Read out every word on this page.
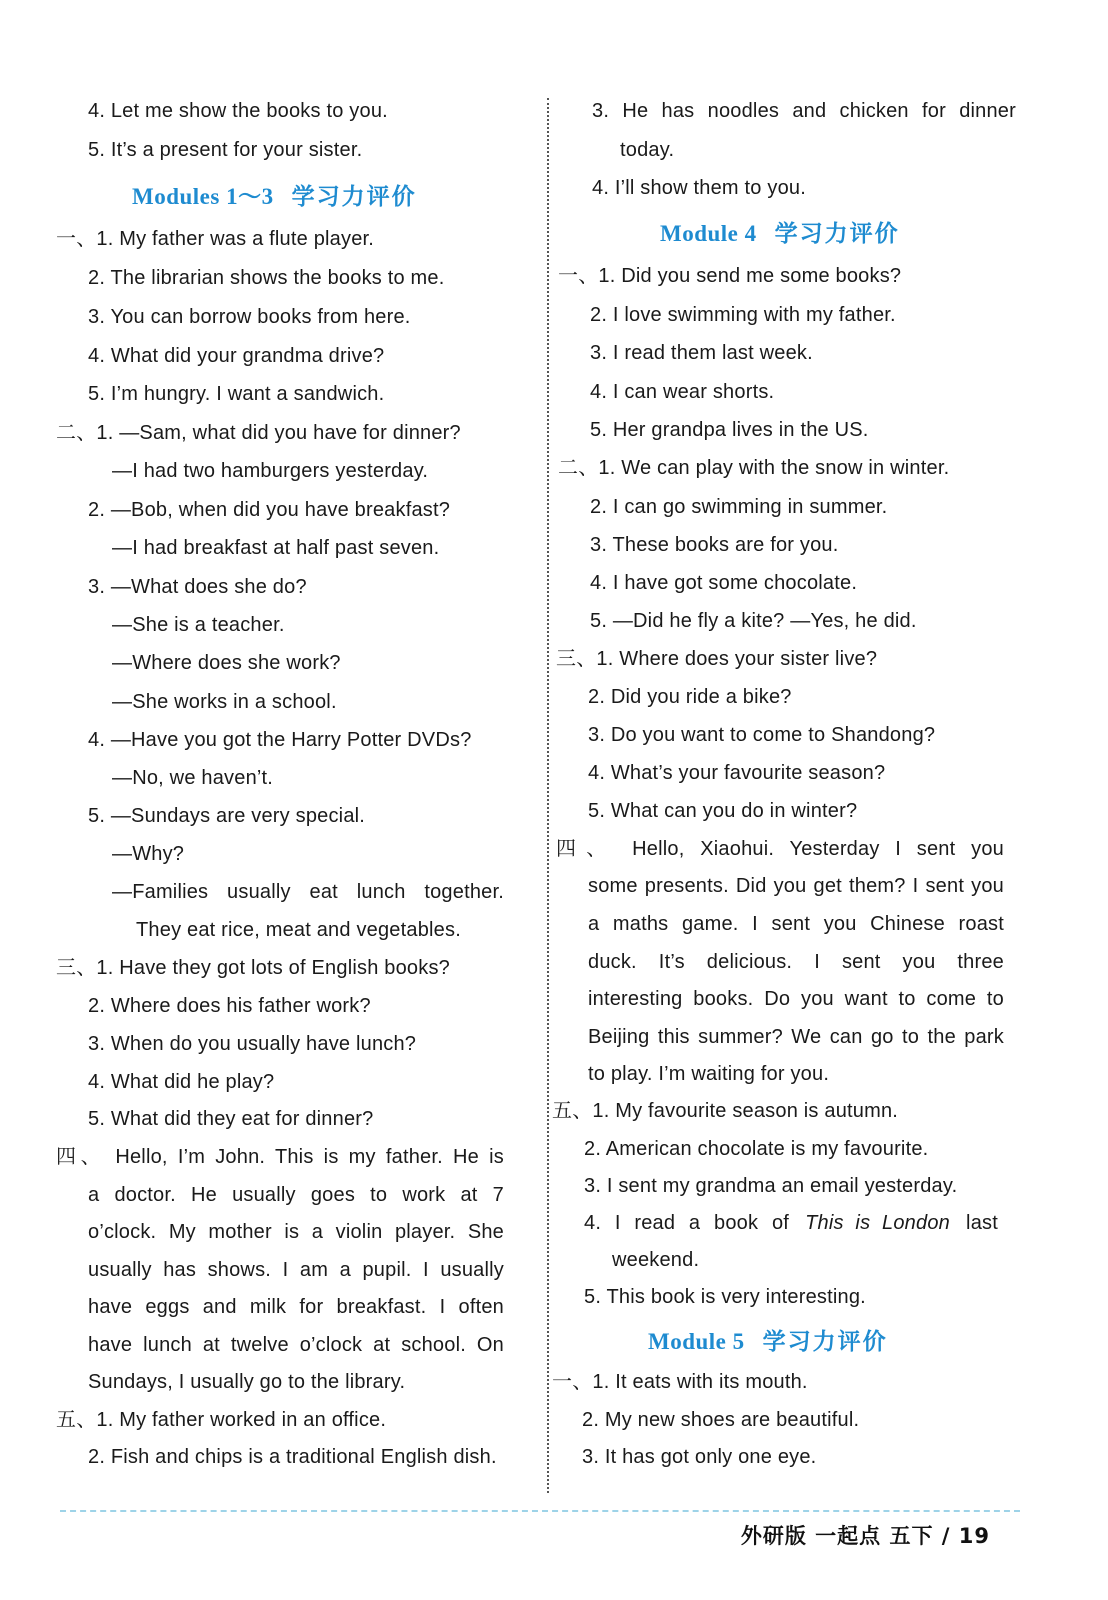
4. Let me show the books to you.
5. It’s a present for your sister.
Modules 1～3 学习力评价
一、1. My father was a flute player.
2. The librarian shows the books to me.
3. You can borrow books from here.
4. What did your grandma drive?
5. I’m hungry. I want a sandwich.
二、1. —Sam, what did you have for dinner?
—I had two hamburgers yesterday.
2. —Bob, when did you have breakfast?
—I had breakfast at half past seven.
3. —What does she do?
—She is a teacher.
—Where does she work?
—She works in a school.
4. —Have you got the Harry Potter DVDs?
—No, we haven’t.
5. —Sundays are very special.
—Why?
—Families usually eat lunch together.
They eat rice, meat and vegetables.
三、1. Have they got lots of English books?
2. Where does his father work?
3. When do you usually have lunch?
4. What did he play?
5. What did they eat for dinner?
四、 Hello, I’m John. This is my father. He is
a doctor. He usually goes to work at 7
o’clock. My mother is a violin player. She
usually has shows. I am a pupil. I usually
have eggs and milk for breakfast. I often
have lunch at twelve o’clock at school. On
Sundays, I usually go to the library.
五、1. My father worked in an office.
2. Fish and chips is a traditional English dish.
3. He has noodles and chicken for dinner
today.
4. I’ll show them to you.
Module 4 学习力评价
一、1. Did you send me some books?
2. I love swimming with my father.
3. I read them last week.
4. I can wear shorts.
5. Her grandpa lives in the US.
二、1. We can play with the snow in winter.
2. I can go swimming in summer.
3. These books are for you.
4. I have got some chocolate.
5. —Did he fly a kite? —Yes, he did.
三、1. Where does your sister live?
2. Did you ride a bike?
3. Do you want to come to Shandong?
4. What’s your favourite season?
5. What can you do in winter?
四、 Hello, Xiaohui. Yesterday I sent you
some presents. Did you get them? I sent you
a maths game. I sent you Chinese roast
duck. It’s delicious. I sent you three
interesting books. Do you want to come to
Beijing this summer? We can go to the park
to play. I’m waiting for you.
五、1. My favourite season is autumn.
2. American chocolate is my favourite.
3. I sent my grandma an email yesterday.
4. I read a book of This is London last
weekend.
5. This book is very interesting.
Module 5 学习力评价
一、1. It eats with its mouth.
2. My new shoes are beautiful.
3. It has got only one eye.
外研版 一起点 五下 / 19
